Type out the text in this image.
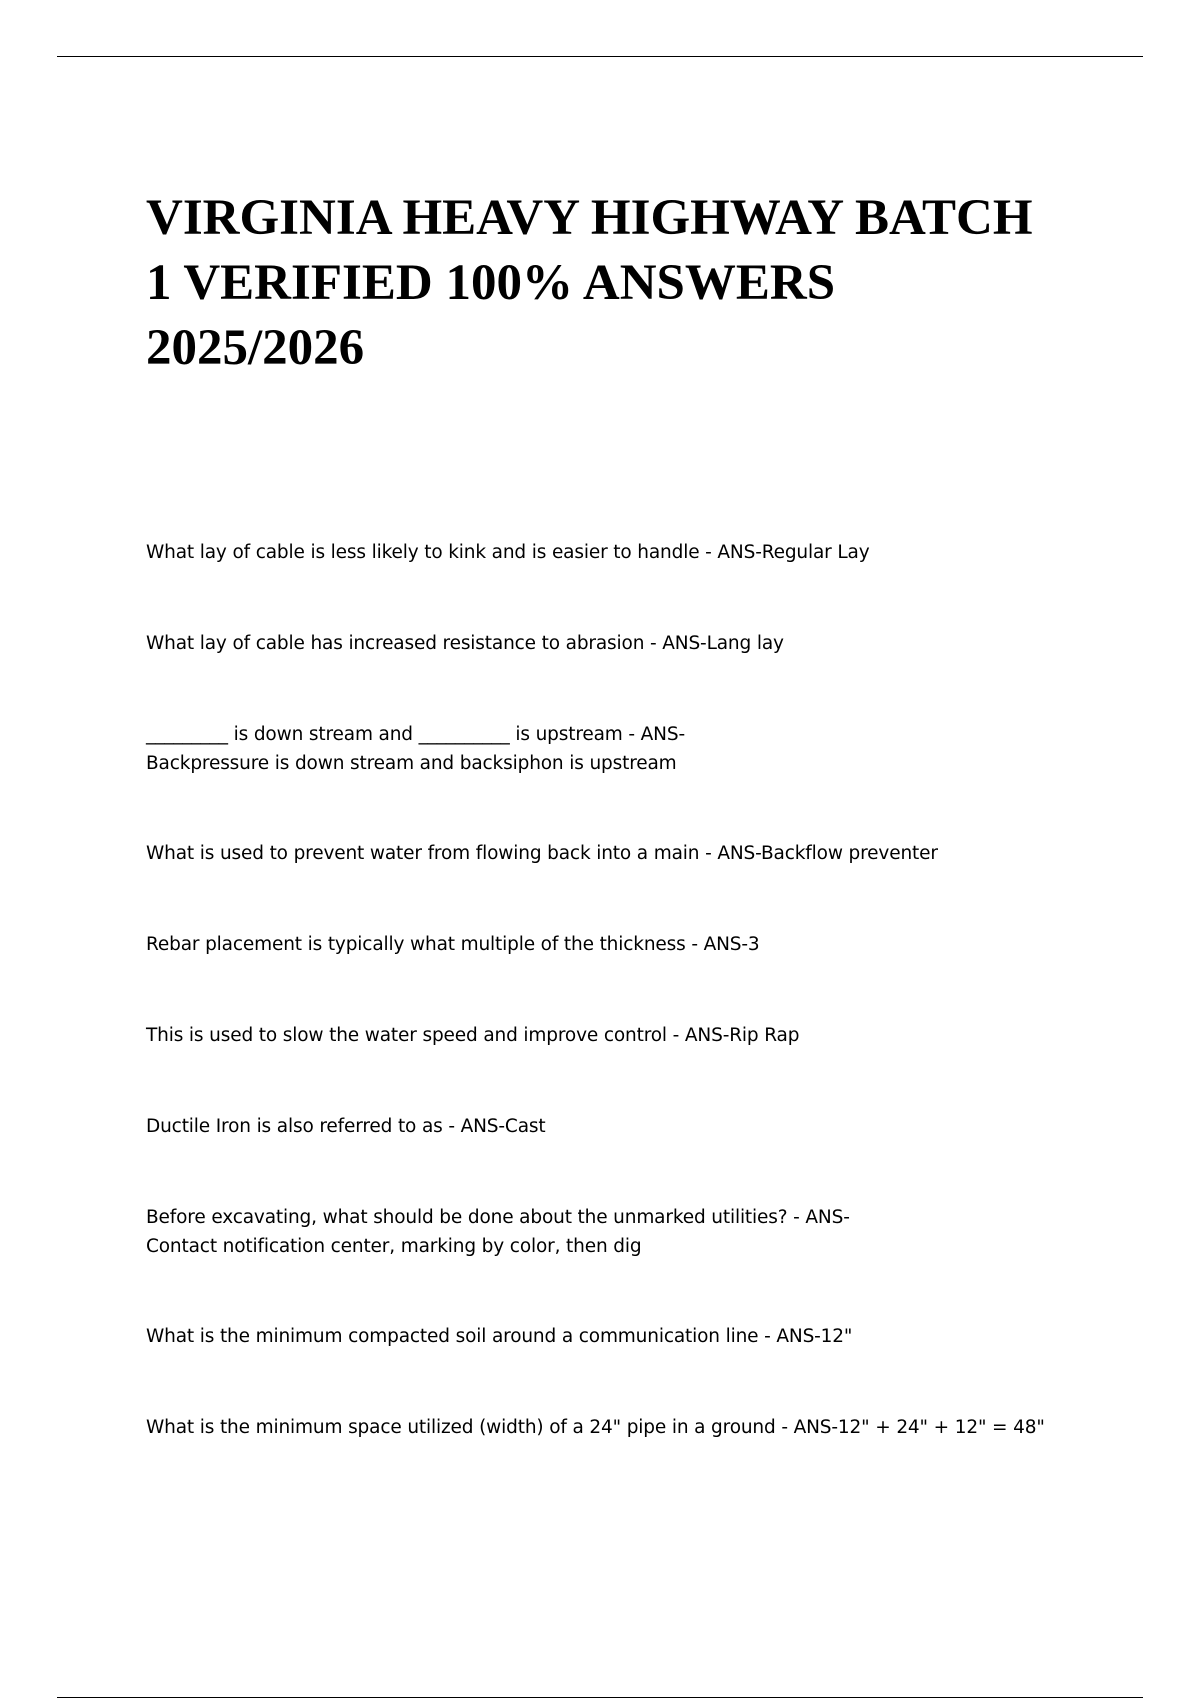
VIRGINIA HEAVY HIGHWAY BATCH
1 VERIFIED 100% ANSWERS
2025/2026
What lay of cable is less likely to kink and is easier to handle - ANS-Regular Lay
What lay of cable has increased resistance to abrasion - ANS-Lang lay
_________ is down stream and __________ is upstream - ANS-
Backpressure is down stream and backsiphon is upstream
What is used to prevent water from flowing back into a main - ANS-Backflow preventer
Rebar placement is typically what multiple of the thickness - ANS-3
This is used to slow the water speed and improve control - ANS-Rip Rap
Ductile Iron is also referred to as - ANS-Cast
Before excavating, what should be done about the unmarked utilities? - ANS-
Contact notification center, marking by color, then dig
What is the minimum compacted soil around a communication line - ANS-12"
What is the minimum space utilized (width) of a 24" pipe in a ground - ANS-12" + 24" + 12" = 48"
